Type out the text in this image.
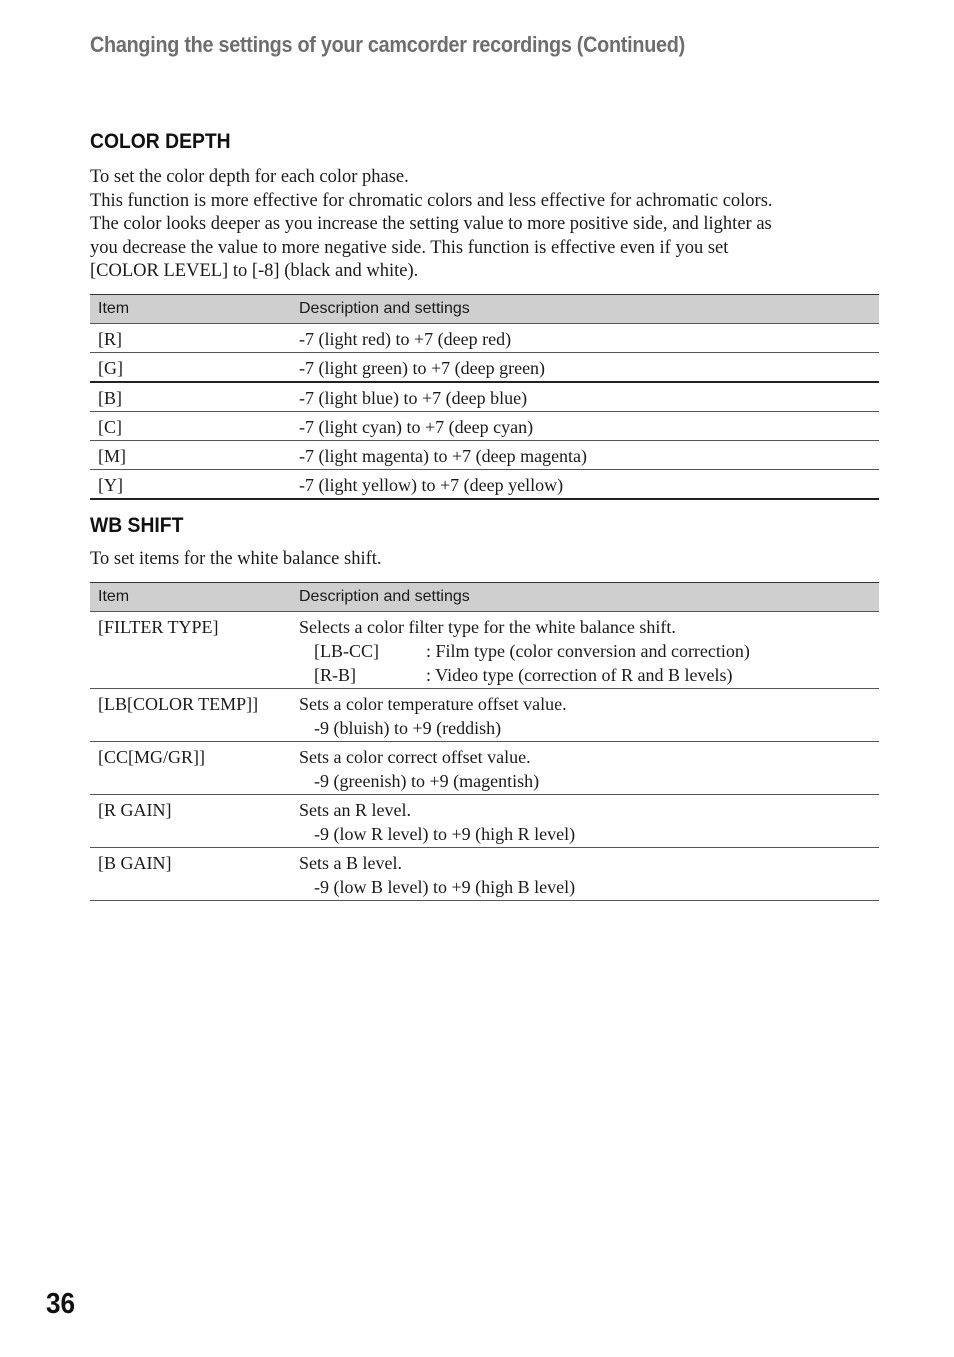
Changing the settings of your camcorder recordings (Continued)
COLOR DEPTH

To set the color depth for each color phase.

This function is more effective for chromatic colors and less effective for achromatic colors.

The color looks deeper as you increase the setting value to more positive side, and lighter as

you decrease the value to more negative side. This function is effective even if you set

[COLOR LEVEL] to [-8] (black and white).

Item	Description and settings
[R]	-7 (light red) to +7 (deep red)
[G]	-7 (light green) to +7 (deep green)
[B]	-7 (light blue) to +7 (deep blue)
[C]	-7 (light cyan) to +7 (deep cyan)
[M]	-7 (light magenta) to +7 (deep magenta)
[Y]	-7 (light yellow) to +7 (deep yellow)
WB SHIFT

To set items for the white balance shift.

Item	Description and settings
[FILTER TYPE]	Selects a color filter type for the white balance shift.
[LB-CC] : Film type (color conversion and correction)
[R-B] : Video type (correction of R and B levels)

[LB[COLOR TEMP]]	Sets a color temperature offset value.
-9 (bluish) to +9 (reddish)

[CC[MG/GR]]	Sets a color correct offset value.
-9 (greenish) to +9 (magentish)

[R GAIN]	Sets an R level.
-9 (low R level) to +9 (high R level)

[B GAIN]	Sets a B level.
-9 (low B level) to +9 (high B level)
36
